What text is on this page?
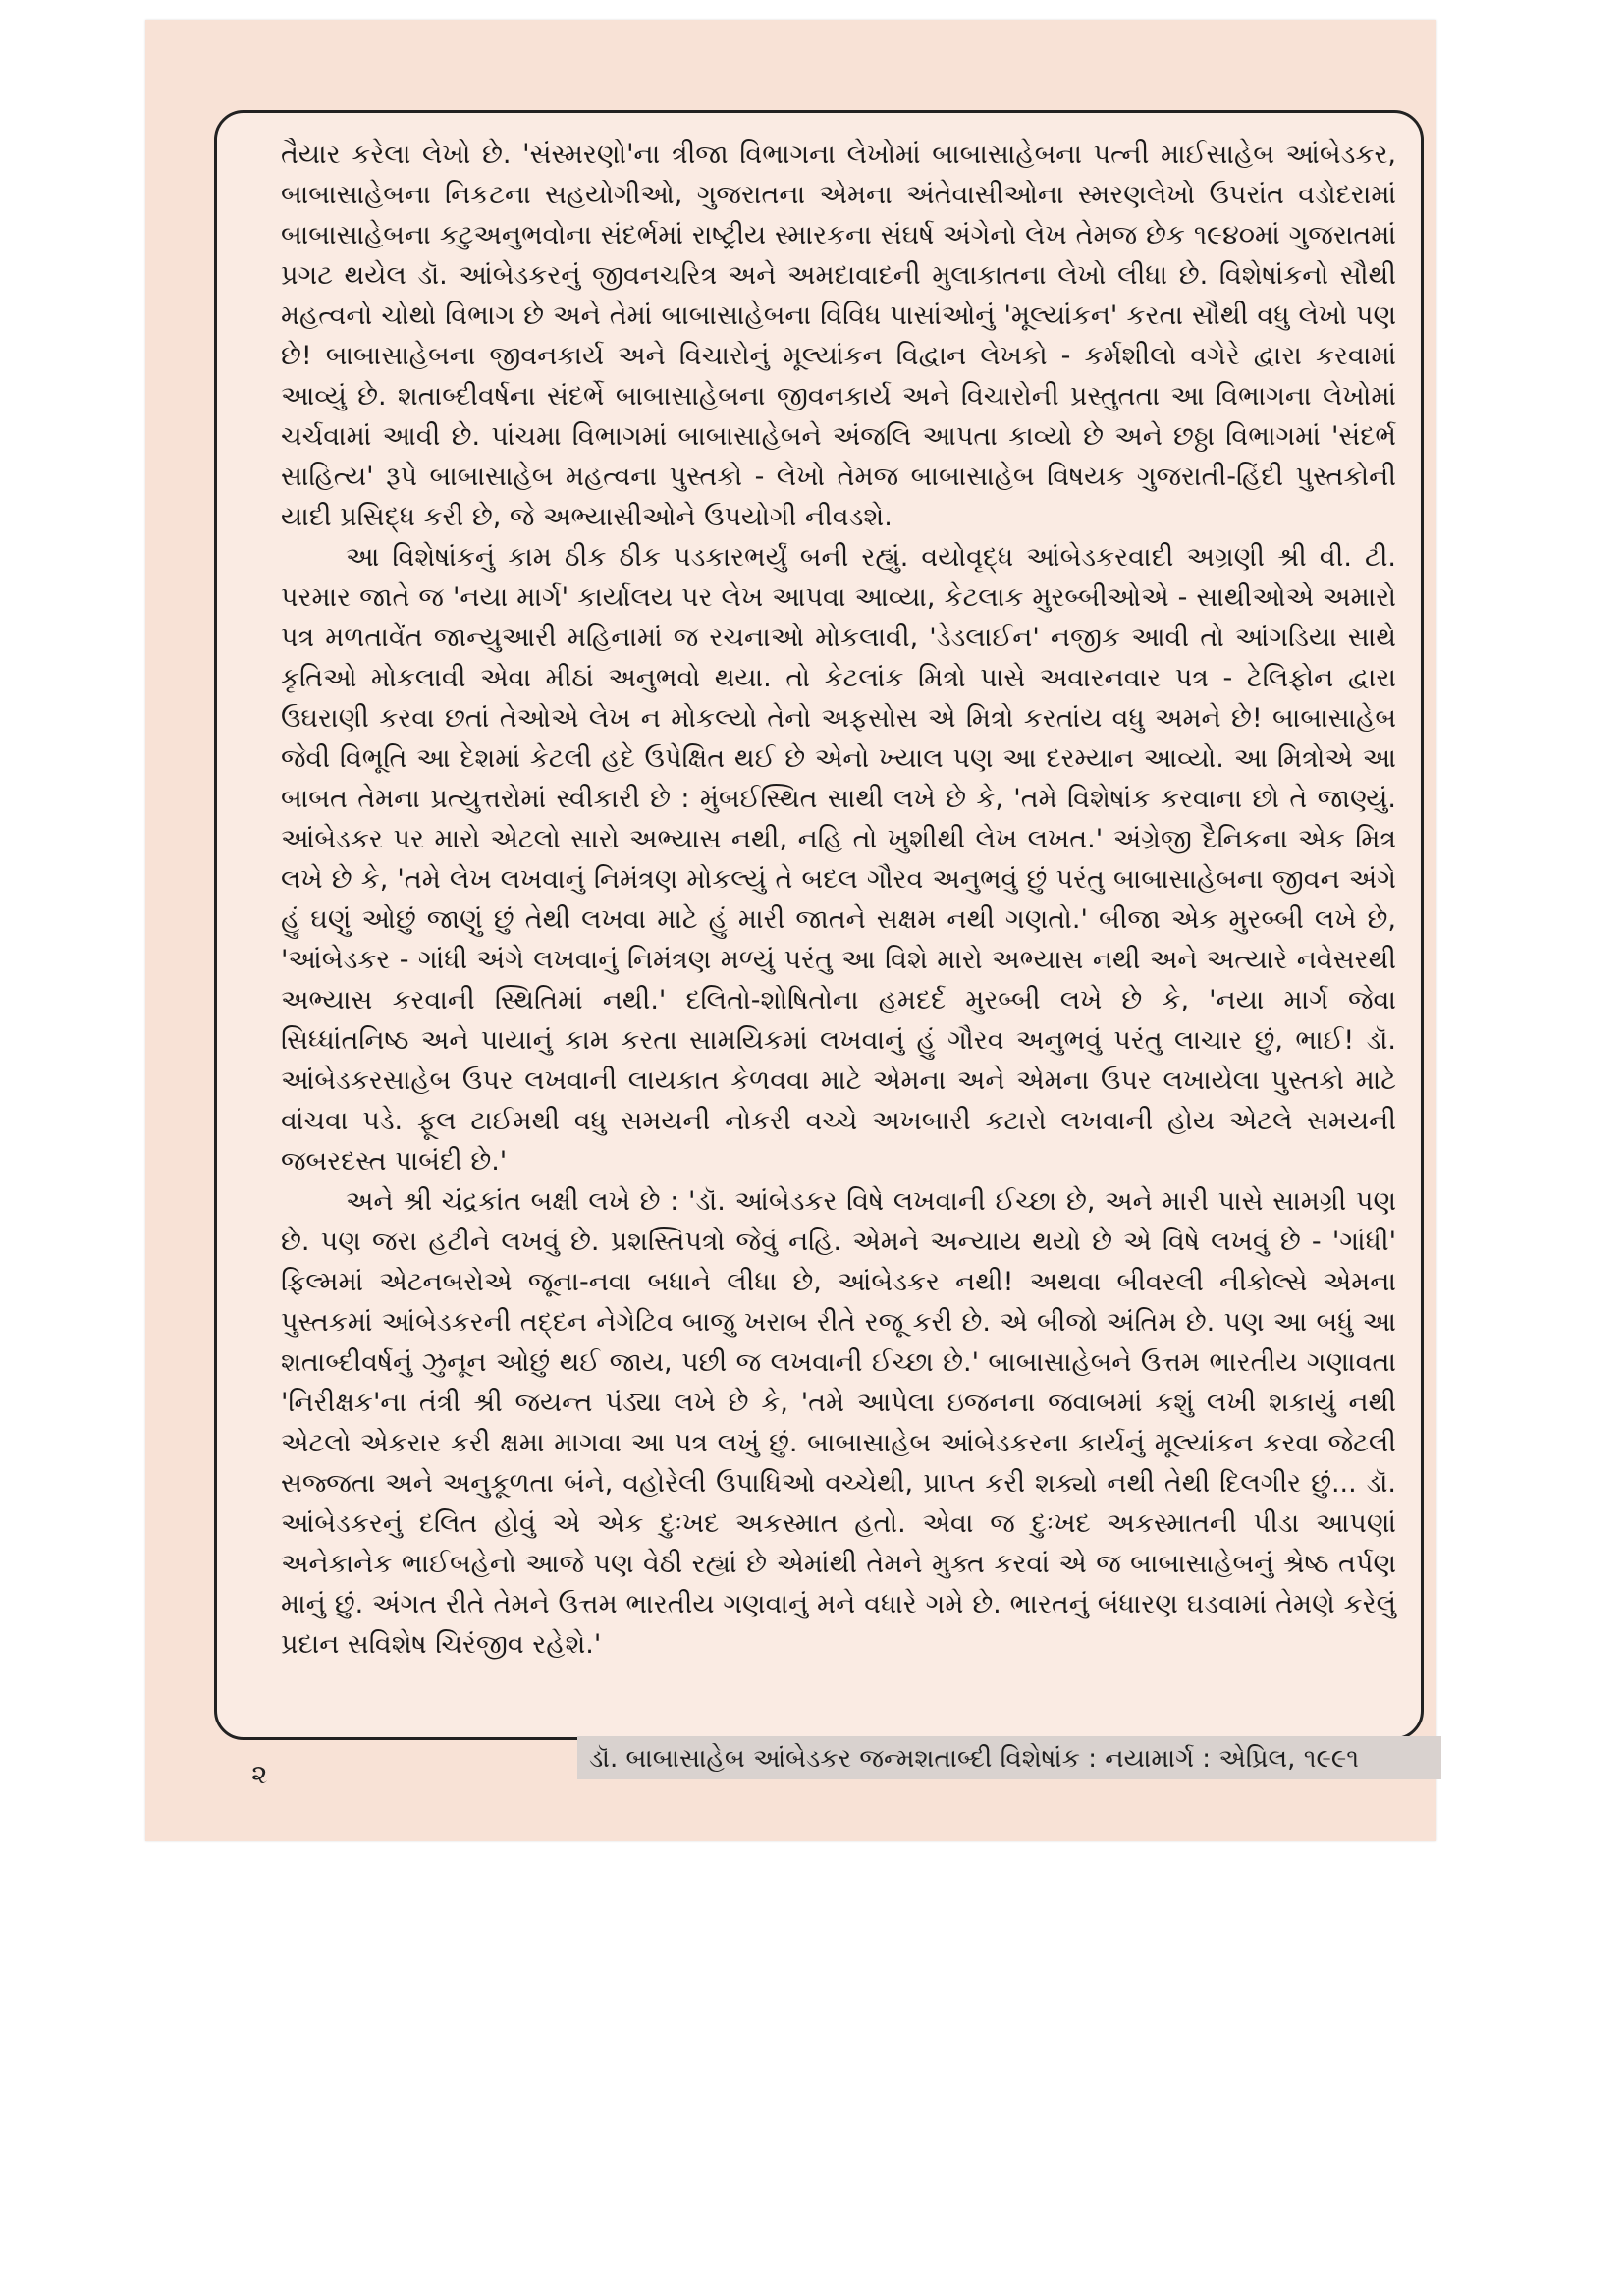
તૈયાર કરેલા લેખો છે. 'સંસ્મરણો'ના ત્રીજા વિભાગના લેખોમાં બાબાસાહેબના પત્ની માઈસાહેબ આંબેડકર, બાબાસાહેબના નિકટના સહયોગીઓ, ગુજરાતના એમના અંતેવાસીઓના સ્મરણલેખો ઉપરાંત વડોદરામાં બાબાસાહેબના કટુઅનુભવોના સંદર્ભમાં રાષ્ટ્રીય સ્મારકના સંઘર્ષ અંગેનો લેખ તેમજ છેક ૧૯૪૦માં ગુજરાતમાં પ્રગટ થયેલ ડૉ. આંબેડકરનું જીવનચરિત્ર અને અમદાવાદની મુલાકાતના લેખો લીધા છે. વિશેષાંકનો સૌથી મહત્વનો ચોથો વિભાગ છે અને તેમાં બાબાસાહેબના વિવિધ પાસાંઓનું 'મૂલ્યાંકન' કરતા સૌથી વધુ લેખો પણ છે! બાબાસાહેબના જીવનકાર્ય અને વિચારોનું મૂલ્યાંકન વિદ્વાન લેખકો - કર્મશીલો વગેરે દ્વારા કરવામાં આવ્યું છે. શતાબ્દીવર્ષના સંદર્ભે બાબાસાહેબના જીવનકાર્ય અને વિચારોની પ્રસ્તુતતા આ વિભાગના લેખોમાં ચર્ચવામાં આવી છે. પાંચમા વિભાગમાં બાબાસાહેબને અંજલિ આપતા કાવ્યો છે અને છઠ્ઠા વિભાગમાં 'સંદર્ભ સાહિત્ય' રૂપે બાબાસાહેબ મહત્વના પુસ્તકો - લેખો તેમજ બાબાસાહેબ વિષયક ગુજરાતી-હિંદી પુસ્તકોની યાદી પ્રસિદ્ધ કરી છે, જે અભ્યાસીઓને ઉપયોગી નીવડશે.

આ વિશેષાંકનું કામ ઠીક ઠીક પડકારભર્યું બની રહ્યું. વયોવૃદ્ધ આંબેડકરવાદી અગ્રણી શ્રી વી. ટી. પરમાર જાતે જ 'નયા માર્ગ' કાર્યાલય પર લેખ આપવા આવ્યા, કેટલાક મુરબ્બીઓએ - સાથીઓએ અમારો પત્ર મળતાવેંત જાન્યુઆરી મહિનામાં જ રચનાઓ મોકલાવી, 'ડેડલાઈન' નજીક આવી તો આંગડિયા સાથે કૃતિઓ મોકલાવી એવા મીઠાં અનુભવો થયા. તો કેટલાંક મિત્રો પાસે અવારનવાર પત્ર - ટેલિફોન દ્વારા ઉઘરાણી કરવા છતાં તેઓએ લેખ ન મોકલ્યો તેનો અફસોસ એ મિત્રો કરતાંય વધુ અમને છે! બાબાસાહેબ જેવી વિભૂતિ આ દેશમાં કેટલી હદે ઉપેક્ષિત થઈ છે એનો ખ્યાલ પણ આ દરમ્યાન આવ્યો. આ મિત્રોએ આ બાબત તેમના પ્રત્યુત્તરોમાં સ્વીકારી છે : મુંબઈસ્થિત સાથી લખે છે કે, 'તમે વિશેષાંક કરવાના છો તે જાણ્યું. આંબેડકર પર મારો એટલો સારો અભ્યાસ નથી, નહિ તો ખુશીથી લેખ લખત.' અંગ્રેજી દૈનિકના એક મિત્ર લખે છે કે, 'તમે લેખ લખવાનું નિમંત્રણ મોકલ્યું તે બદલ ગૌરવ અનુભવું છું પરંતુ બાબાસાહેબના જીવન અંગે હું ઘણું ઓછું જાણું છું તેથી લખવા માટે હું મારી જાતને સક્ષમ નથી ગણતો.' બીજા એક મુરબ્બી લખે છે, 'આંબેડકર - ગાંધી અંગે લખવાનું નિમંત્રણ મળ્યું પરંતુ આ વિશે મારો અભ્યાસ નથી અને અત્યારે નવેસરથી અભ્યાસ કરવાની સ્થિતિમાં નથી.' દલિતો-શોષિતોના હમદર્દ મુરબ્બી લખે છે કે, 'નયા માર્ગ જેવા સિધ્ધાંતનિષ્ઠ અને પાયાનું કામ કરતા સામયિકમાં લખવાનું હું ગૌરવ અનુભવું પરંતુ લાચાર છું, ભાઈ! ડૉ. આંબેડકરસાહેબ ઉપર લખવાની લાયકાત કેળવવા માટે એમના અને એમના ઉપર લખાયેલા પુસ્તકો માટે વાંચવા પડે. ફૂલ ટાઈમથી વધુ સમયની નોકરી વચ્ચે અખબારી કટારો લખવાની હોય એટલે સમયની જબરદસ્ત પાબંદી છે.'

અને શ્રી ચંદ્રકાંત બક્ષી લખે છે : 'ડૉ. આંબેડકર વિષે લખવાની ઈચ્છા છે, અને મારી પાસે સામગ્રી પણ છે. પણ જરા હટીને લખવું છે. પ્રશસ્તિપત્રો જેવું નહિ. એમને અન્યાય થયો છે એ વિષે લખવું છે - 'ગાંધી' ફિલ્મમાં એટનબરોએ જૂના-નવા બધાને લીધા છે, આંબેડકર નથી! અથવા બીવરલી નીકોલ્સે એમના પુસ્તકમાં આંબેડકરની તદ્દન નેગેટિવ બાજુ ખરાબ રીતે રજૂ કરી છે. એ બીજો અંતિમ છે. પણ આ બધું આ શતાબ્દીવર્ષનું ઝુનૂન ઓછું થઈ જાય, પછી જ લખવાની ઈચ્છા છે.' બાબાસાહેબને ઉત્તમ ભારતીય ગણાવતા 'નિરીક્ષક'ના તંત્રી શ્રી જયન્ત પંડ્યા લખે છે કે, 'તમે આપેલા ઇજનના જવાબમાં કશું લખી શકાયું નથી એટલો એકરાર કરી ક્ષમા માગવા આ પત્ર લખું છું. બાબાસાહેબ આંબેડકરના કાર્યનું મૂલ્યાંકન કરવા જેટલી સજ્જતા અને અનુકૂળતા બંને, વહોરેલી ઉપાધિઓ વચ્ચેથી, પ્રાપ્ત કરી શક્યો નથી તેથી દિલગીર છું... ડૉ. આંબેડકરનું દલિત હોવું એ એક દુઃખદ અકસ્માત હતો. એવા જ દુઃખદ અકસ્માતની પીડા આપણાં અનેકાનેક ભાઈબહેનો આજે પણ વેઠી રહ્યાં છે એમાંથી તેમને મુક્ત કરવાં એ જ બાબાસાહેબનું શ્રેષ્ઠ તર્પણ માનું છું. અંગત રીતે તેમને ઉત્તમ ભારતીય ગણવાનું મને વધારે ગમે છે. ભારતનું બંધારણ ઘડવામાં તેમણે કરેલું પ્રદાન સવિશેષ ચિરંજીવ રહેશે.'

૨	ડૉ. બાબાસાહેબ આંબેડકર જન્મશતાબ્દી વિશેષાંક : નયામાર્ગ : એપ્રિલ, ૧૯૯૧
